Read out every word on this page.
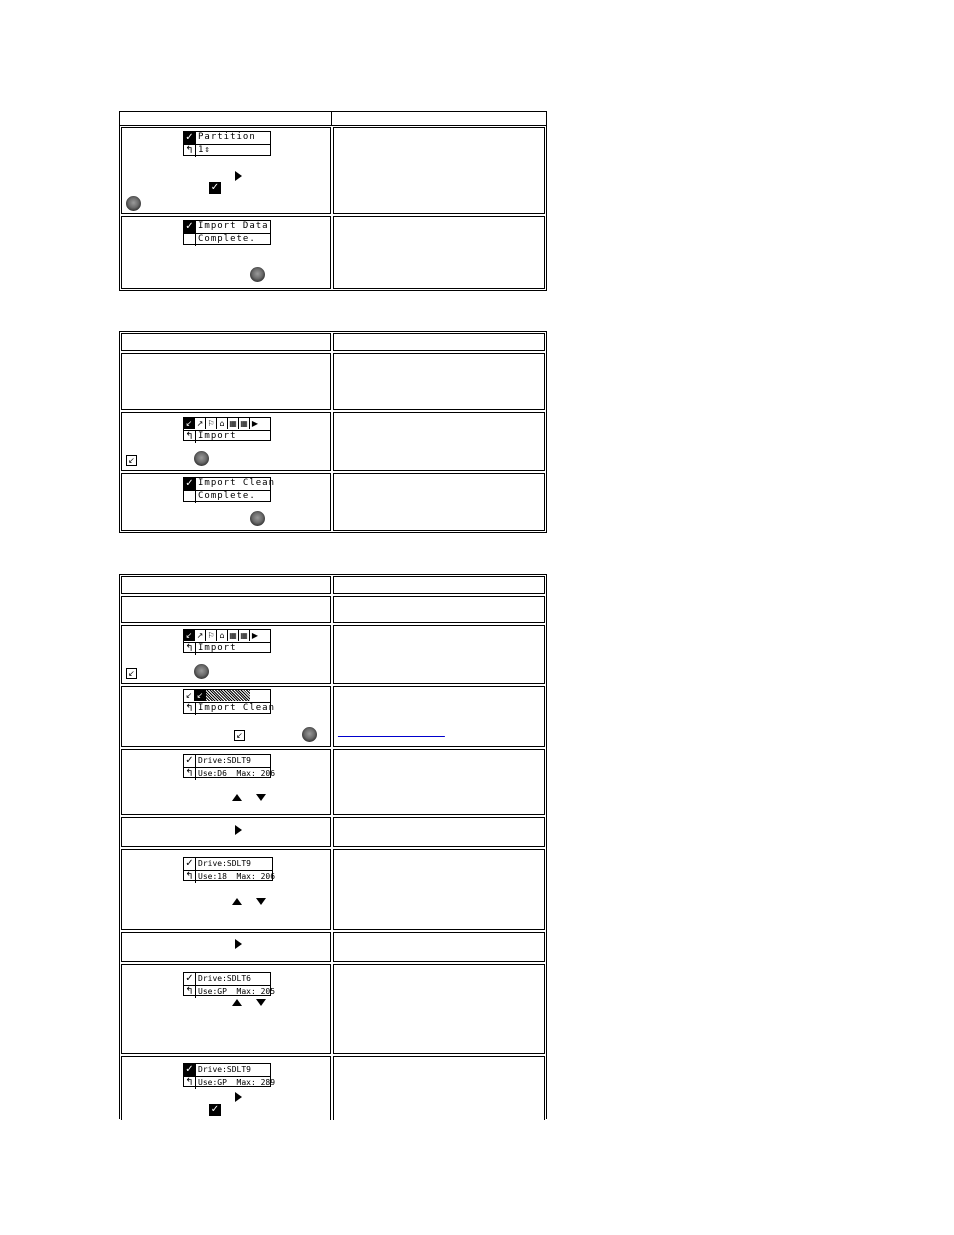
✓ Partition
↰ 1⇕
✓
✓ Import Data
Complete.
↙ ↗ ⚐ ⌂ ▦ ▦ ▶
↰ Import
↙
✓ Import Clean
Complete.
↙ ↗ ⚐ ⌂ ▦ ▦ ▶
↰ Import
↙
↙ ↙
↰ Import Clean
↙	________________________
✓ Drive:SDLT9
↰ Use:D6  Max: 206
✓ Drive:SDLT9
↰ Use:18  Max: 206
✓ Drive:SDLT6
↰ Use:GP  Max: 205
✓ Drive:SDLT9
↰ Use:GP  Max: 289
✓
